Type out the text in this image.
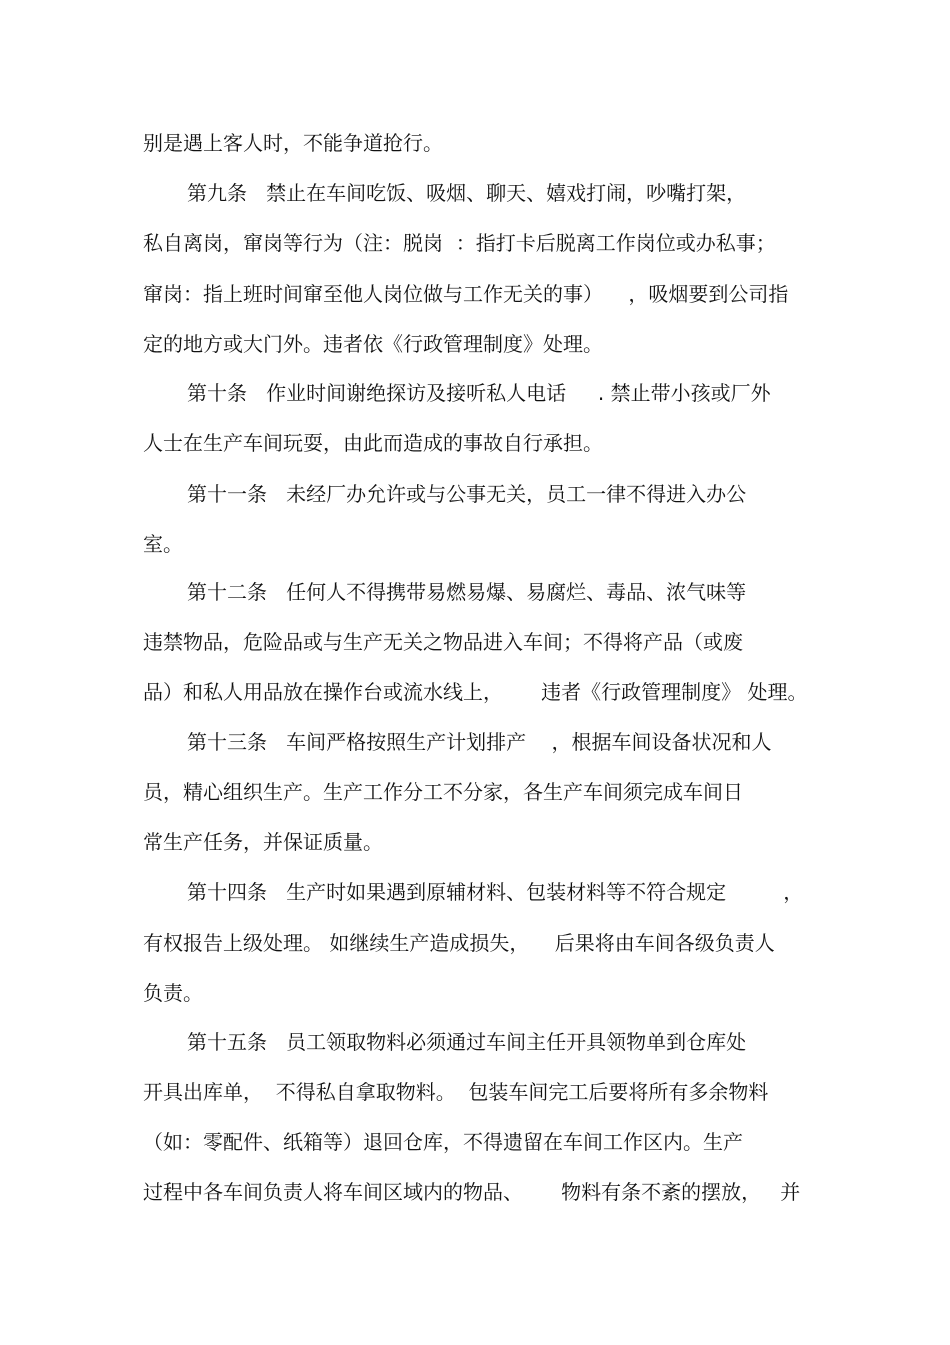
别是遇上客人时，不能争道抢行。
第九条   禁止在车间吃饭、吸烟、聊天、嬉戏打闹，吵嘴打架，
私自离岗，窜岗等行为（注：脱岗  ：指打卡后脱离工作岗位或办私事；
窜岗：指上班时间窜至他人岗位做与工作无关的事）    ，吸烟要到公司指
定的地方或大门外。违者依《行政管理制度》处理。
第十条   作业时间谢绝探访及接听私人电话     . 禁止带小孩或厂外
人士在生产车间玩耍，由此而造成的事故自行承担。
第十一条   未经厂办允许或与公事无关，员工一律不得进入办公
室。
第十二条   任何人不得携带易燃易爆、易腐烂、毒品、浓气味等
违禁物品，危险品或与生产无关之物品进入车间；不得将产品（或废
品）和私人用品放在操作台或流水线上，      违者《行政管理制度》 处理。
第十三条   车间严格按照生产计划排产    ，根据车间设备状况和人
员，精心组织生产。生产工作分工不分家，各生产车间须完成车间日
常生产任务，并保证质量。
第十四条   生产时如果遇到原辅材料、包装材料等不符合规定         ，
有权报告上级处理。 如继续生产造成损失，    后果将由车间各级负责人
负责。
第十五条   员工领取物料必须通过车间主任开具领物单到仓库处
开具出库单，  不得私自拿取物料。  包装车间完工后要将所有多余物料
（如：零配件、纸箱等）退回仓库，不得遗留在车间工作区内。生产
过程中各车间负责人将车间区域内的物品、      物料有条不紊的摆放，   并
